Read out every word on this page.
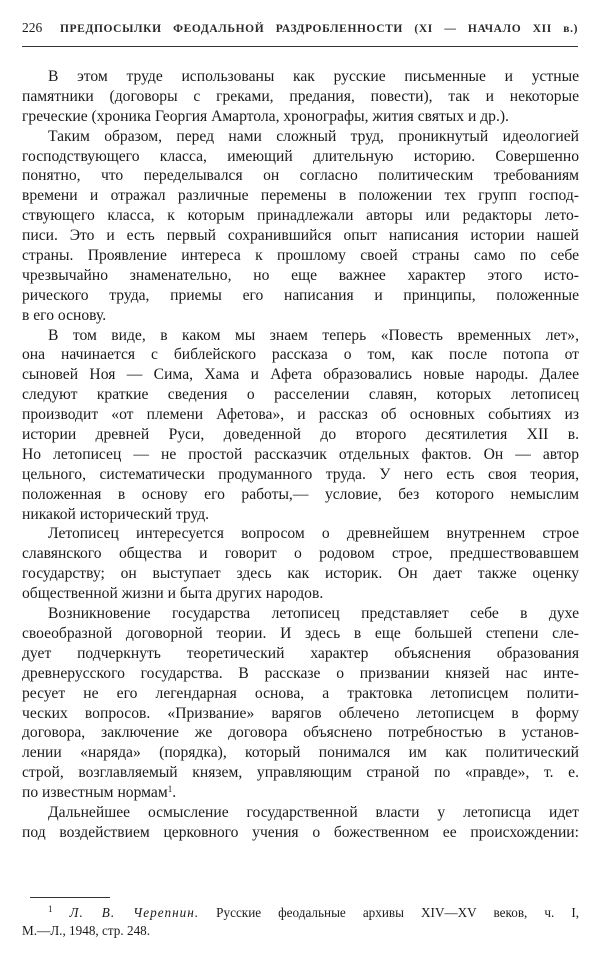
226	ПРЕДПОСЫЛКИ ФЕОДАЛЬНОЙ РАЗДРОБЛЕННОСТИ (XI — НАЧАЛО XII в.)
В этом труде использованы как русские письменные и устные
памятники (договоры с греками, предания, повести), так и некоторые
греческие (хроника Георгия Амартола, хронографы, жития святых и др.).
Таким образом, перед нами сложный труд, проникнутый идеологией
господствующего класса, имеющий длительную историю. Совершенно
понятно, что переделывался он согласно политическим требованиям
времени и отражал различные перемены в положении тех групп господ-
ствующего класса, к которым принадлежали авторы или редакторы лето-
писи. Это и есть первый сохранившийся опыт написания истории нашей
страны. Проявление интереса к прошлому своей страны само по себе
чрезвычайно знаменательно, но еще важнее характер этого исто-
рического труда, приемы его написания и принципы, положенные
в его основу.
В том виде, в каком мы знаем теперь «Повесть временных лет»,
она начинается с библейского рассказа о том, как после потопа от
сыновей Ноя — Сима, Хама и Афета образовались новые народы. Далее
следуют краткие сведения о расселении славян, которых летописец
производит «от племени Афетова», и рассказ об основных событиях из
истории древней Руси, доведенной до второго десятилетия XII в.
Но летописец — не простой рассказчик отдельных фактов. Он — автор
цельного, систематически продуманного труда. У него есть своя теория,
положенная в основу его работы,— условие, без которого немыслим
никакой исторический труд.
Летописец интересуется вопросом о древнейшем внутреннем строе
славянского общества и говорит о родовом строе, предшествовавшем
государству; он выступает здесь как историк. Он дает также оценку
общественной жизни и быта других народов.
Возникновение государства летописец представляет себе в духе
своеобразной договорной теории. И здесь в еще большей степени сле-
дует подчеркнуть теоретический характер объяснения образования
древнерусского государства. В рассказе о призвании князей нас инте-
ресует не его легендарная основа, а трактовка летописцем полити-
ческих вопросов. «Призвание» варягов облечено летописцем в форму
договора, заключение же договора объяснено потребностью в установ-
лении «наряда» (порядка), который понимался им как политический
строй, возглавляемый князем, управляющим страной по «правде», т. е.
по известным нормам$^1$.
Дальнейшее осмысление государственной власти у летописца идет
под воздействием церковного учения о божественном ее происхождении:
$^1$ Л. В. Черепнин. Русские феодальные архивы XIV—XV веков, ч. I,
М.—Л., 1948, стр. 248.
